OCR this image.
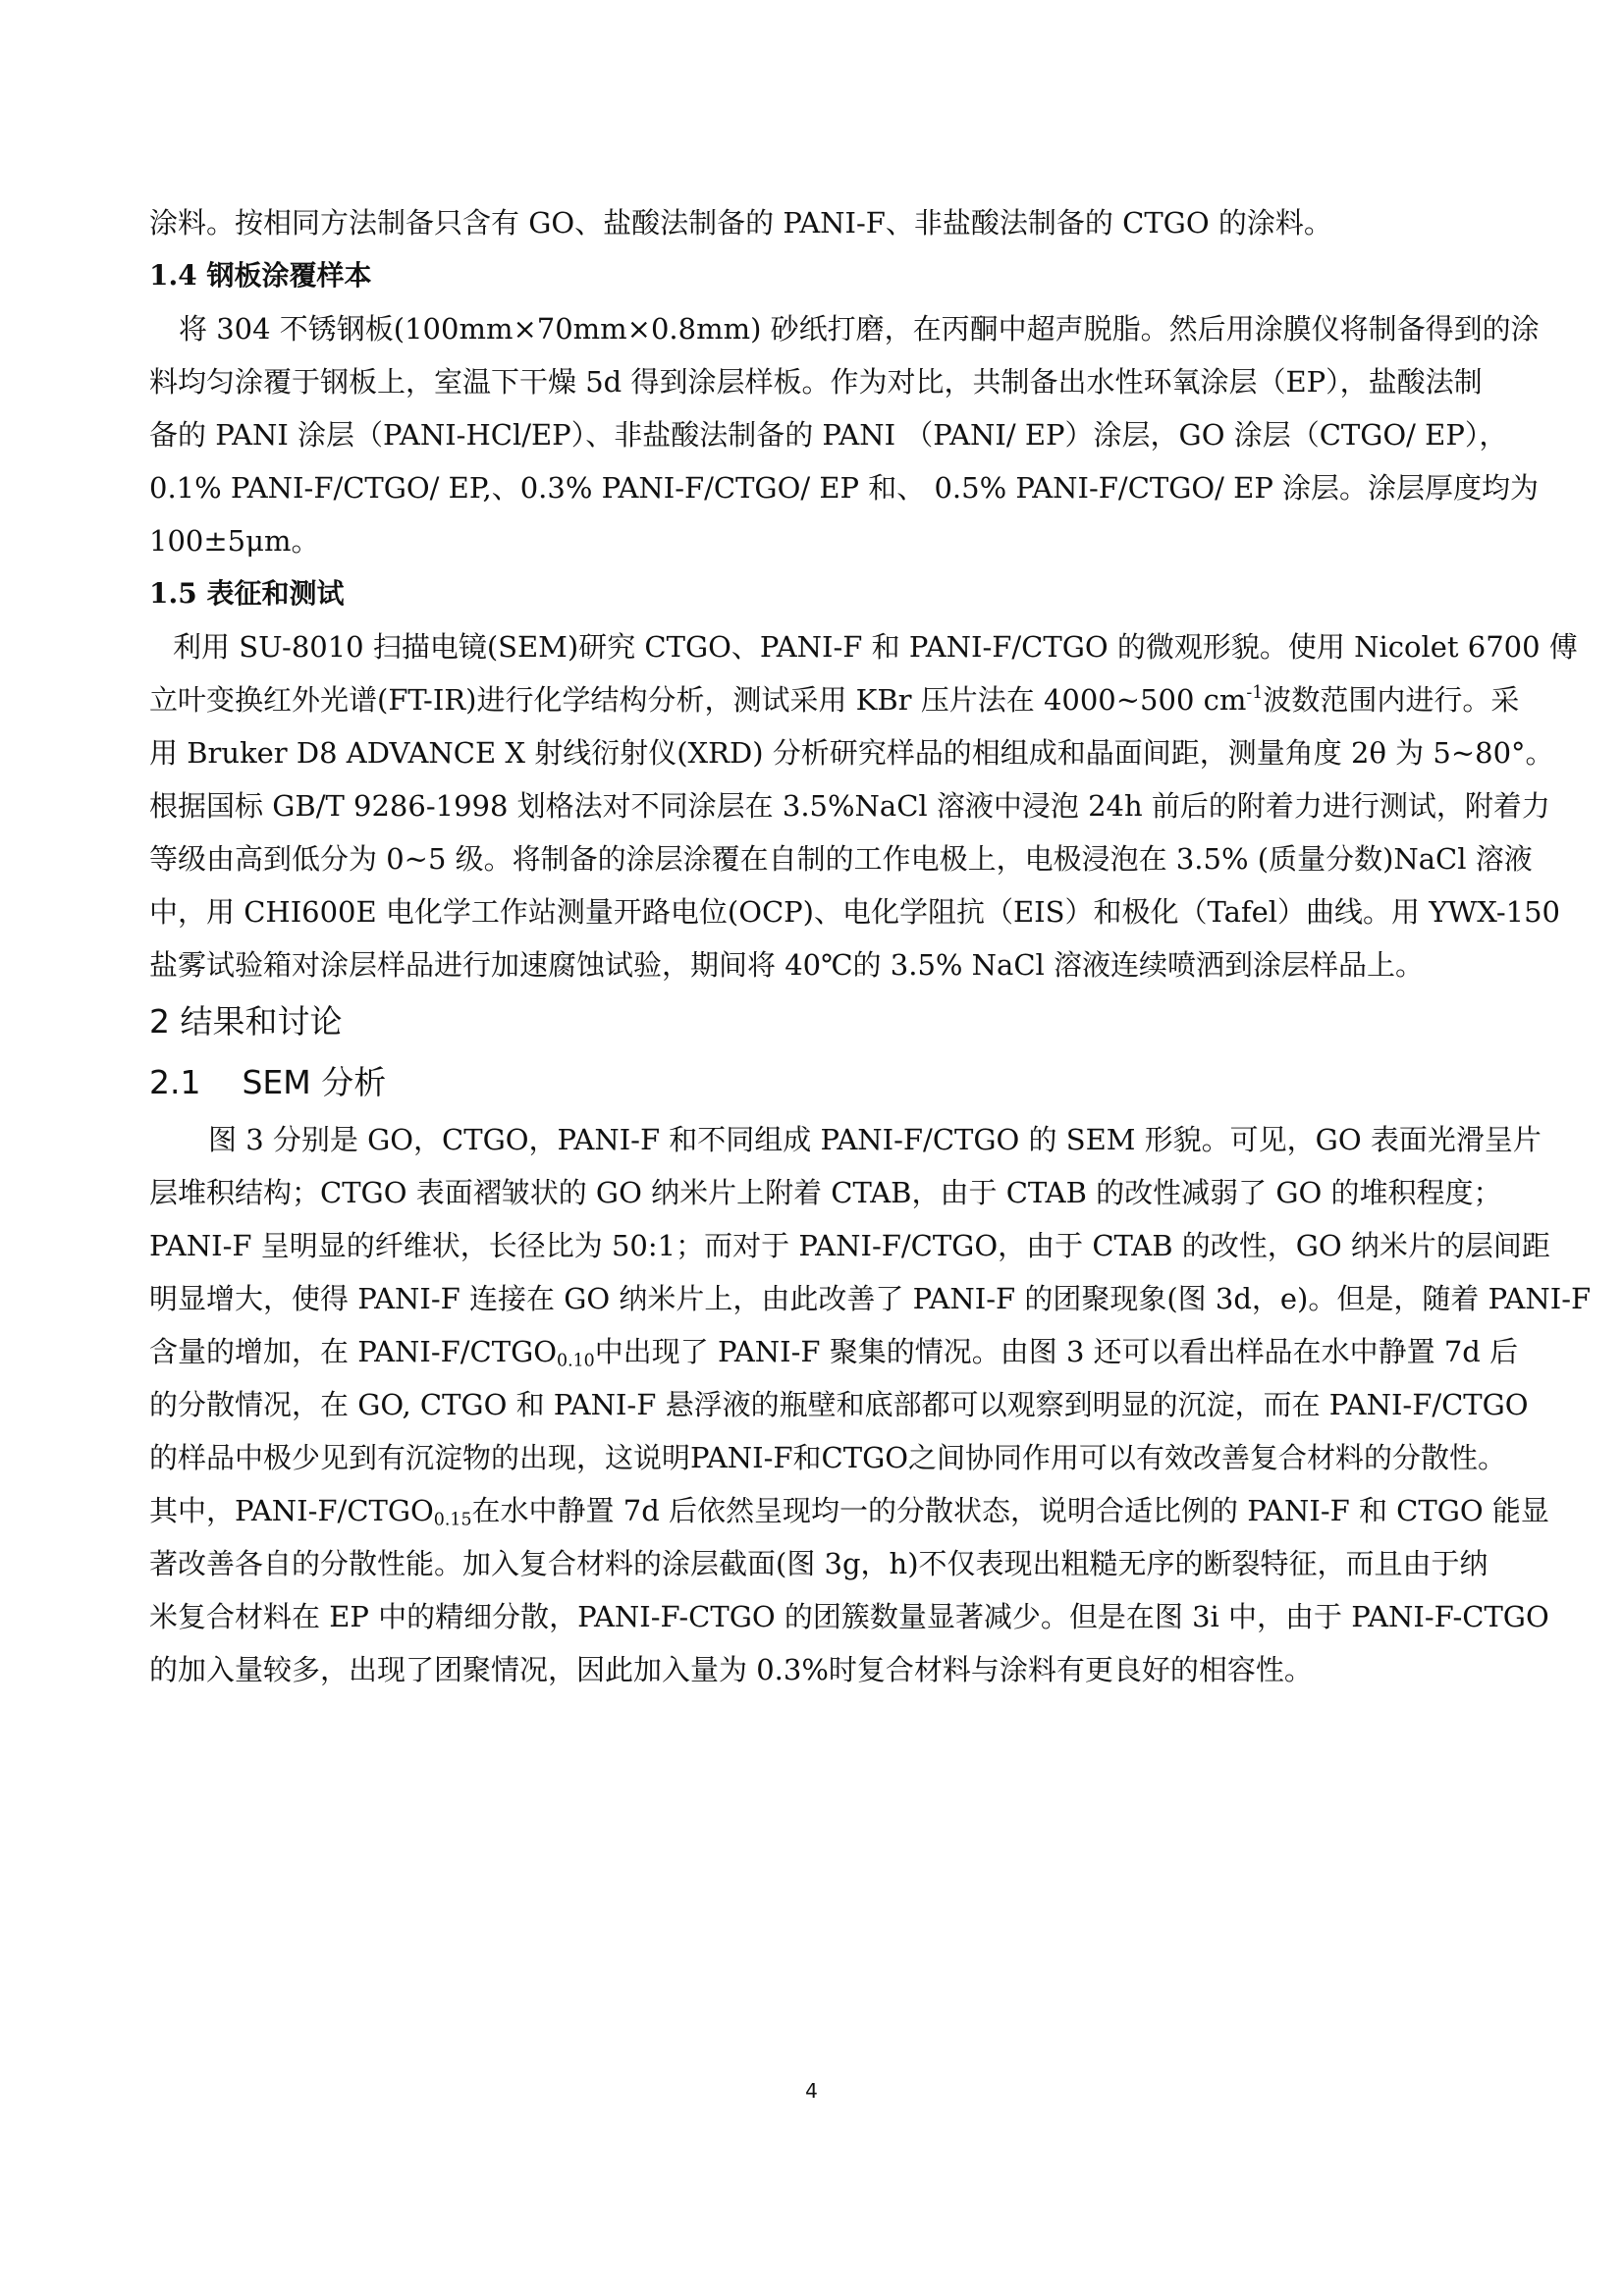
涂料。按相同方法制备只含有 GO、盐酸法制备的 PANI-F、非盐酸法制备的 CTGO 的涂料。

1.4 钢板涂覆样本

将 304 不锈钢板(100mm×70mm×0.8mm) 砂纸打磨，在丙酮中超声脱脂。然后用涂膜仪将制备得到的涂

料均匀涂覆于钢板上，室温下干燥 5d 得到涂层样板。作为对比，共制备出水性环氧涂层（EP），盐酸法制

备的 PANI 涂层（PANI-HCl/EP）、非盐酸法制备的 PANI （PANI/ EP）涂层，GO 涂层（CTGO/ EP），

0.1% PANI-F/CTGO/ EP,、0.3% PANI-F/CTGO/ EP 和、 0.5% PANI-F/CTGO/ EP 涂层。涂层厚度均为

100±5μm。

1.5 表征和测试

利用 SU-8010 扫描电镜(SEM)研究 CTGO、PANI-F 和 PANI-F/CTGO 的微观形貌。使用 Nicolet 6700 傅

立叶变换红外光谱(FT-IR)进行化学结构分析，测试采用 KBr 压片法在 4000~500 $cm^{-1}$波数范围内进行。采

用 Bruker D8 ADVANCE X 射线衍射仪(XRD) 分析研究样品的相组成和晶面间距，测量角度 2θ 为 5~80°。

根据国标 GB/T 9286-1998 划格法对不同涂层在 3.5%NaCl 溶液中浸泡 24h 前后的附着力进行测试，附着力

等级由高到低分为 0~5 级。将制备的涂层涂覆在自制的工作电极上，电极浸泡在 3.5% (质量分数)NaCl 溶液

中，用 CHI600E 电化学工作站测量开路电位(OCP)、电化学阻抗（EIS）和极化（Tafel）曲线。用 YWX-150

盐雾试验箱对涂层样品进行加速腐蚀试验，期间将 40℃的 3.5% NaCl 溶液连续喷洒到涂层样品上。

2 结果和讨论

2.1    SEM 分析

图 3 分别是 GO，CTGO，PANI-F 和不同组成 PANI-F/CTGO 的 SEM 形貌。可见，GO 表面光滑呈片

层堆积结构；CTGO 表面褶皱状的 GO 纳米片上附着 CTAB，由于 CTAB 的改性减弱了 GO 的堆积程度；

PANI-F 呈明显的纤维状，长径比为 50:1；而对于 PANI-F/CTGO，由于 CTAB 的改性，GO 纳米片的层间距

明显增大，使得 PANI-F 连接在 GO 纳米片上，由此改善了 PANI-F 的团聚现象(图 3d，e)。但是，随着 PANI-F

含量的增加，在 PANI-$F/CTGO_{0.10}$中出现了 PANI-F 聚集的情况。由图 3 还可以看出样品在水中静置 7d 后

的分散情况，在 GO, CTGO 和 PANI-F 悬浮液的瓶壁和底部都可以观察到明显的沉淀，而在 PANI-F/CTGO

的样品中极少见到有沉淀物的出现，这说明PANI-F和CTGO之间协同作用可以有效改善复合材料的分散性。

其中，PANI-$F/CTGO_{0.15}$在水中静置 7d 后依然呈现均一的分散状态，说明合适比例的 PANI-F 和 CTGO 能显

著改善各自的分散性能。加入复合材料的涂层截面(图 3g，h)不仅表现出粗糙无序的断裂特征，而且由于纳

米复合材料在 EP 中的精细分散，PANI-F-CTGO 的团簇数量显著减少。但是在图 3i 中，由于 PANI-F-CTGO

的加入量较多，出现了团聚情况，因此加入量为 0.3%时复合材料与涂料有更良好的相容性。

4
